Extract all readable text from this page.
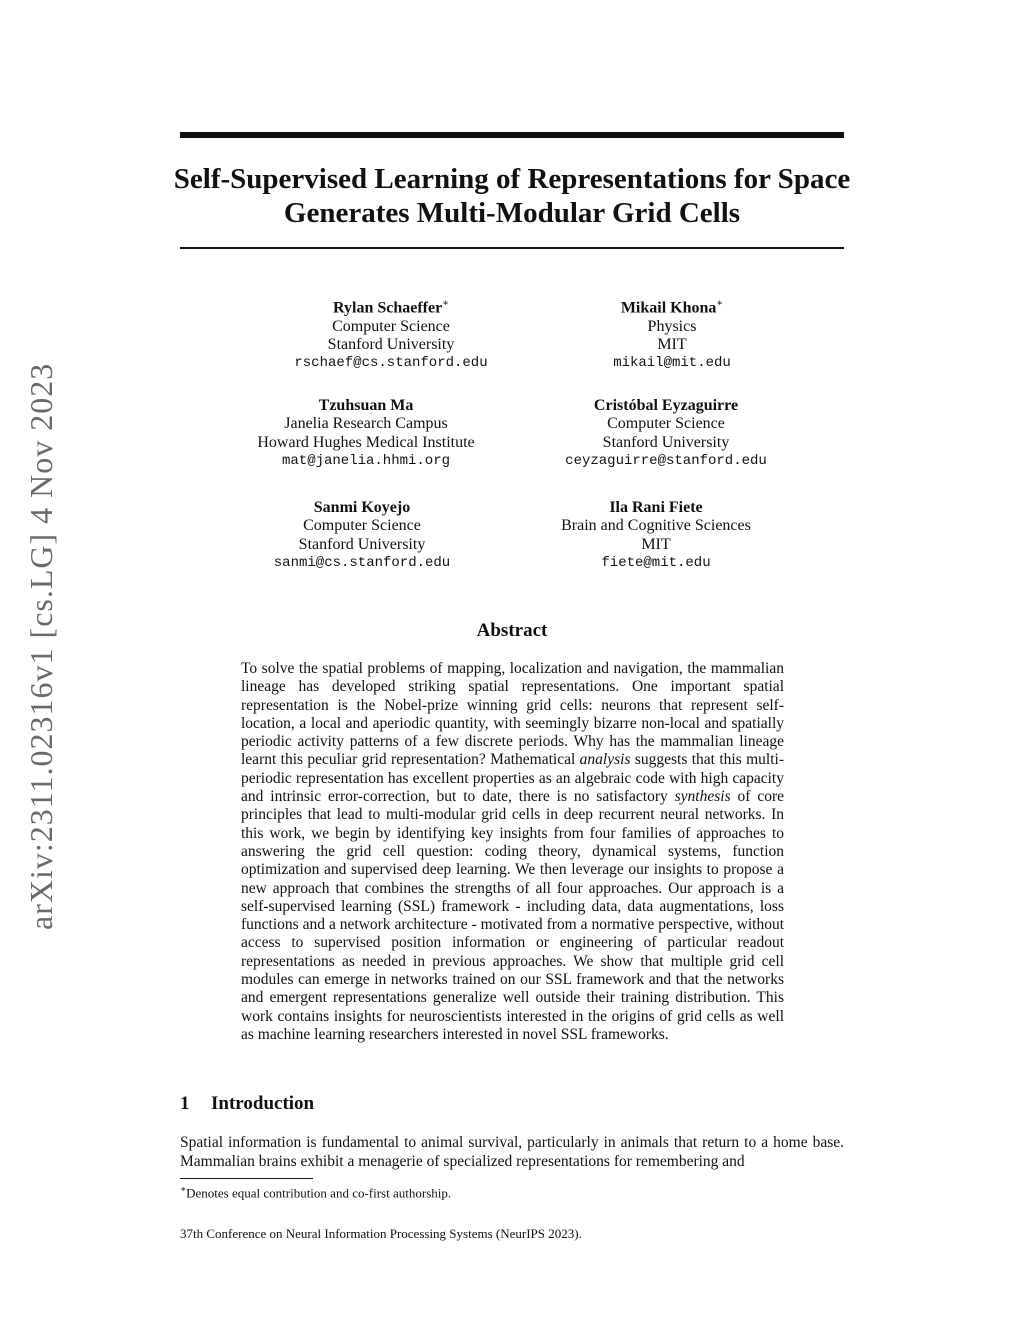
arXiv:2311.02316v1 [cs.LG] 4 Nov 2023
Self-Supervised Learning of Representations for Space
Generates Multi-Modular Grid Cells
Rylan Schaeffer∗
Computer Science
Stanford University
rschaef@cs.stanford.edu
Mikail Khona∗
Physics
MIT
mikail@mit.edu
Tzuhsuan Ma
Janelia Research Campus
Howard Hughes Medical Institute
mat@janelia.hhmi.org
Cristóbal Eyzaguirre
Computer Science
Stanford University
ceyzaguirre@stanford.edu
Sanmi Koyejo
Computer Science
Stanford University
sanmi@cs.stanford.edu
Ila Rani Fiete
Brain and Cognitive Sciences
MIT
fiete@mit.edu
Abstract
To solve the spatial problems of mapping, localization and navigation, the mammalian lineage has developed striking spatial representations. One important spatial representation is the Nobel-prize winning grid cells: neurons that represent self-location, a local and aperiodic quantity, with seemingly bizarre non-local and spatially periodic activity patterns of a few discrete periods. Why has the mammalian lineage learnt this peculiar grid representation? Mathematical analysis suggests that this multi-periodic representation has excellent properties as an algebraic code with high capacity and intrinsic error-correction, but to date, there is no satisfactory synthesis of core principles that lead to multi-modular grid cells in deep recurrent neural networks. In this work, we begin by identifying key insights from four families of approaches to answering the grid cell question: coding theory, dynamical systems, function optimization and supervised deep learning. We then leverage our insights to propose a new approach that combines the strengths of all four approaches. Our approach is a self-supervised learning (SSL) framework - including data, data augmentations, loss functions and a network architecture - motivated from a normative perspective, without access to supervised position information or engineering of particular readout representations as needed in previous approaches. We show that multiple grid cell modules can emerge in networks trained on our SSL framework and that the networks and emergent representations generalize well outside their training distribution. This work contains insights for neuroscientists interested in the origins of grid cells as well as machine learning researchers interested in novel SSL frameworks.
1 Introduction
Spatial information is fundamental to animal survival, particularly in animals that return to a home base. Mammalian brains exhibit a menagerie of specialized representations for remembering and
∗Denotes equal contribution and co-first authorship.
37th Conference on Neural Information Processing Systems (NeurIPS 2023).
